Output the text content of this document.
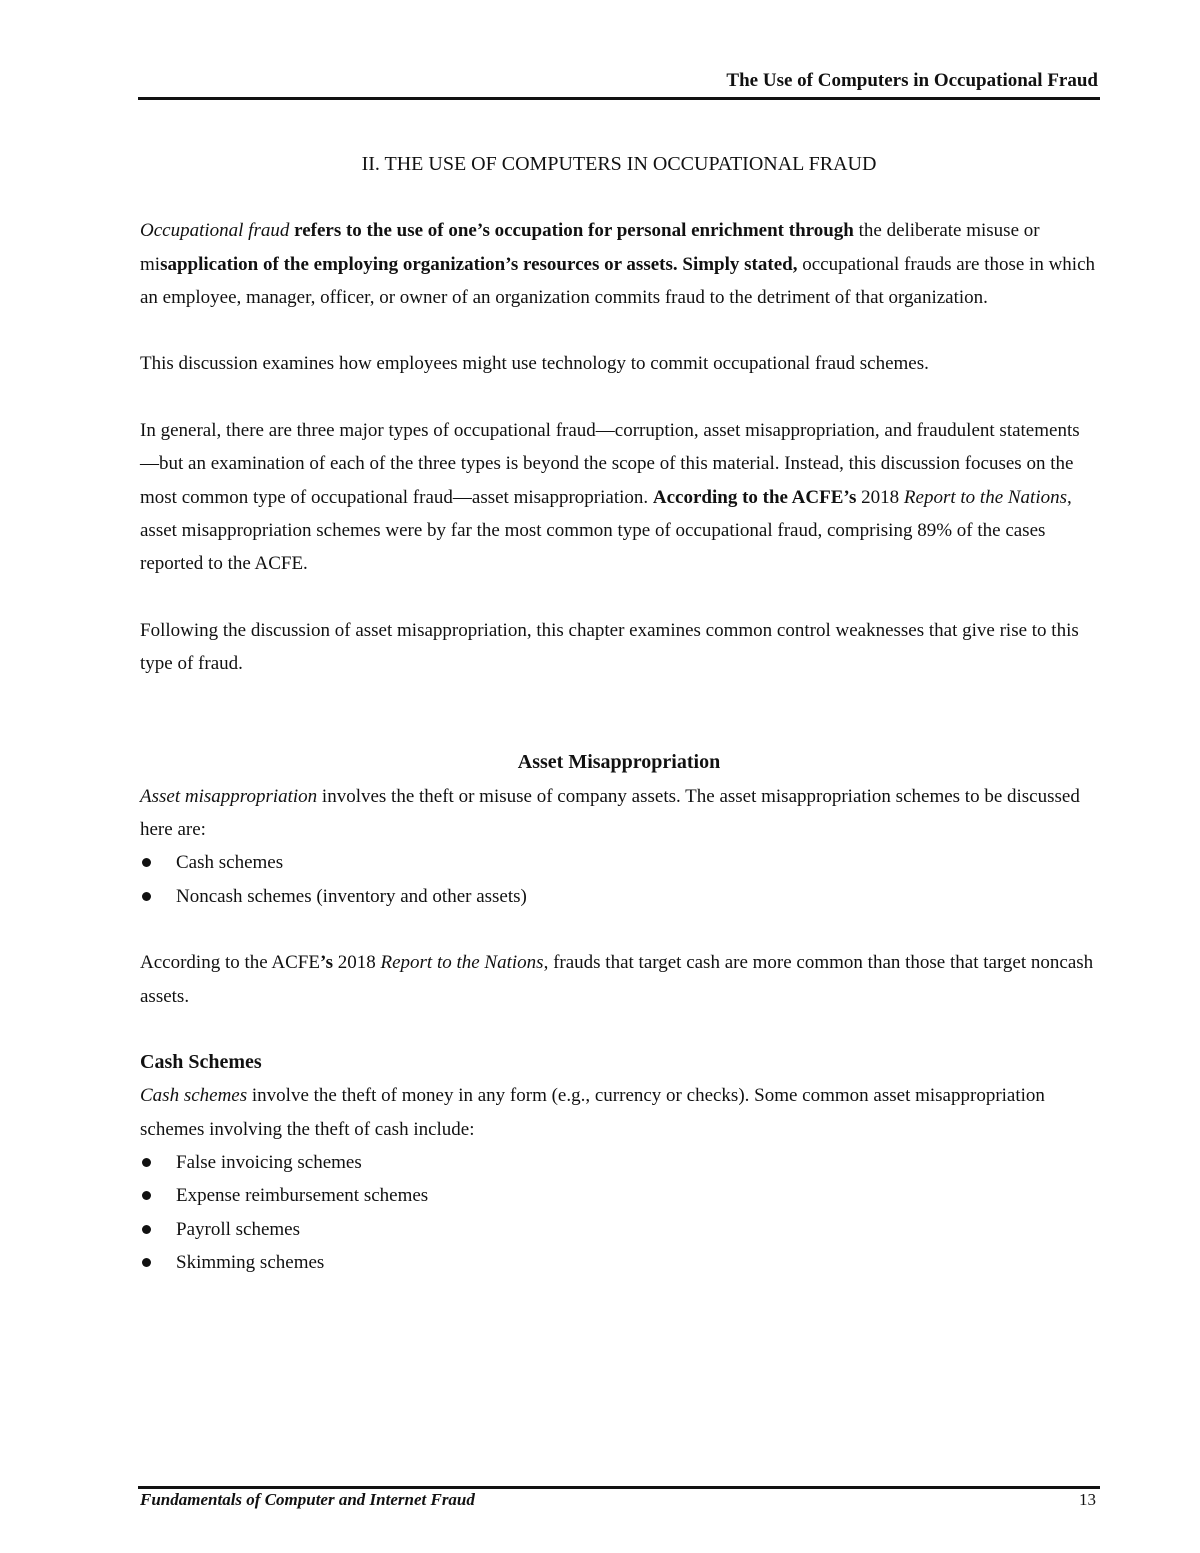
The Use of Computers in Occupational Fraud
II. THE USE OF COMPUTERS IN OCCUPATIONAL FRAUD

Occupational fraud refers to the use of one’s occupation for personal enrichment through the deliberate misuse or misapplication of the employing organization’s resources or assets. Simply stated, occupational frauds are those in which an employee, manager, officer, or owner of an organization commits fraud to the detriment of that organization.

This discussion examines how employees might use technology to commit occupational fraud schemes.

In general, there are three major types of occupational fraud—corruption, asset misappropriation, and fraudulent statements—but an examination of each of the three types is beyond the scope of this material. Instead, this discussion focuses on the most common type of occupational fraud—asset misappropriation. According to the ACFE’s 2018 Report to the Nations, asset misappropriation schemes were by far the most common type of occupational fraud, comprising 89% of the cases reported to the ACFE.

Following the discussion of asset misappropriation, this chapter examines common control weaknesses that give rise to this type of fraud.

Asset Misappropriation

Asset misappropriation involves the theft or misuse of company assets. The asset misappropriation schemes to be discussed here are:

Cash schemes
Noncash schemes (inventory and other assets)

According to the ACFE’s 2018 Report to the Nations, frauds that target cash are more common than those that target noncash assets.

Cash Schemes

Cash schemes involve the theft of money in any form (e.g., currency or checks). Some common asset misappropriation schemes involving the theft of cash include:

False invoicing schemes
Expense reimbursement schemes
Payroll schemes
Skimming schemes
Fundamentals of Computer and Internet Fraud	13
